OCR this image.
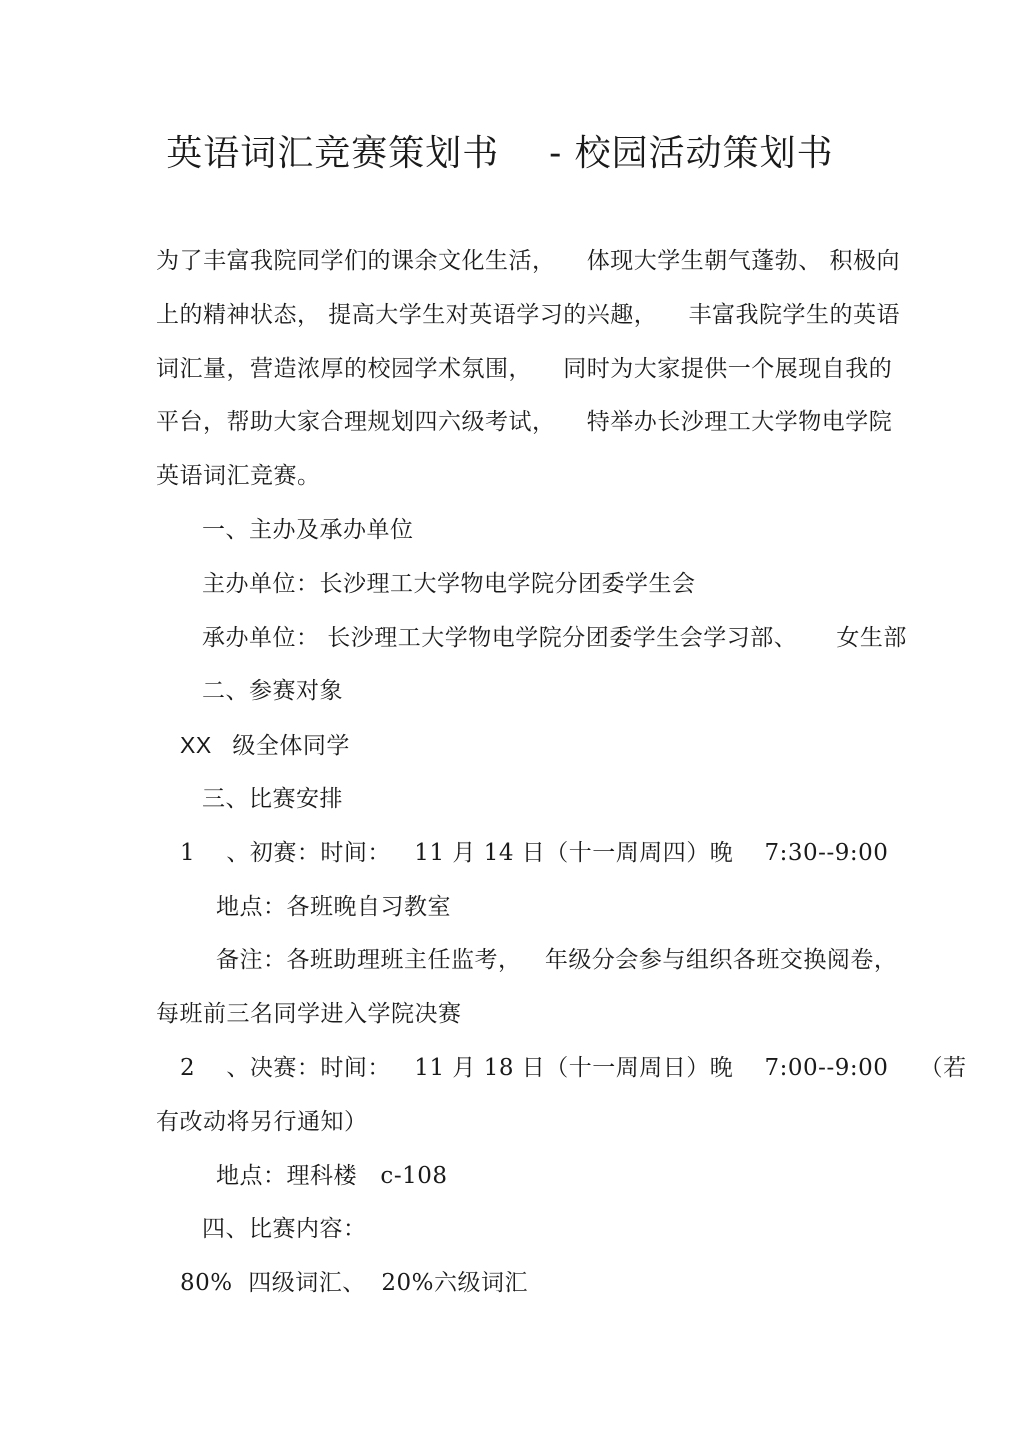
英语词汇竞赛策划书    - 校园活动策划书
为了丰富我院同学们的课余文化生活，    体现大学生朝气蓬勃、 积极向
上的精神状态， 提高大学生对英语学习的兴趣，    丰富我院学生的英语
词汇量，营造浓厚的校园学术氛围，    同时为大家提供一个展现自我的
平台，帮助大家合理规划四六级考试，    特举办长沙理工大学物电学院
英语词汇竞赛。
一、主办及承办单位
主办单位：长沙理工大学物电学院分团委学生会
承办单位： 长沙理工大学物电学院分团委学生会学习部、     女生部
二、参赛对象
XX   级全体同学
三、比赛安排
1    、初赛：时间：   11 月 14 日（十一周周四）晚    7:30--9:00
地点：各班晚自习教室
备注：各班助理班主任监考，   年级分会参与组织各班交换阅卷，
每班前三名同学进入学院决赛
2    、决赛：时间：   11 月 18 日（十一周周日）晚    7:00--9:00    （若
有改动将另行通知）
地点：理科楼   c-108
四、比赛内容：
80%  四级词汇、  20%六级词汇
